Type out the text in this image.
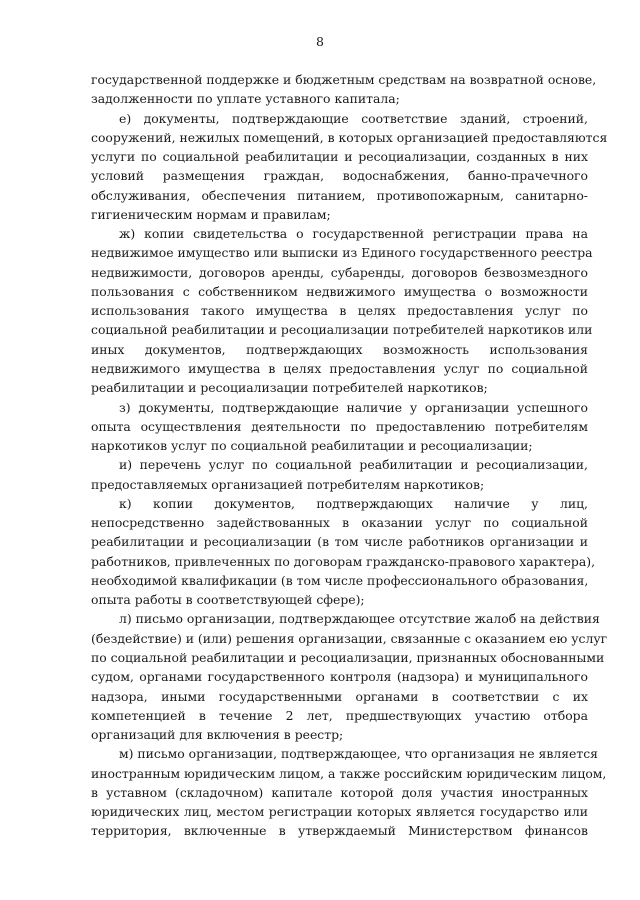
8
государственной поддержке и бюджетным средствам на возвратной основе,
задолженности по уплате уставного капитала;
е) документы, подтверждающие соответствие зданий, строений,
сооружений, нежилых помещений, в которых организацией предоставляются
услуги по социальной реабилитации и ресоциализации, созданных в них
условий размещения граждан, водоснабжения, банно-прачечного
обслуживания, обеспечения питанием, противопожарным, санитарно-
гигиеническим нормам и правилам;
ж) копии свидетельства о государственной регистрации права на
недвижимое имущество или выписки из Единого государственного реестра
недвижимости, договоров аренды, субаренды, договоров безвозмездного
пользования с собственником недвижимого имущества о возможности
использования такого имущества в целях предоставления услуг по
социальной реабилитации и ресоциализации потребителей наркотиков или
иных документов, подтверждающих возможность использования
недвижимого имущества в целях предоставления услуг по социальной
реабилитации и ресоциализации потребителей наркотиков;
з) документы, подтверждающие наличие у организации успешного
опыта осуществления деятельности по предоставлению потребителям
наркотиков услуг по социальной реабилитации и ресоциализации;
и) перечень услуг по социальной реабилитации и ресоциализации,
предоставляемых организацией потребителям наркотиков;
к) копии документов, подтверждающих наличие у лиц,
непосредственно задействованных в оказании услуг по социальной
реабилитации и ресоциализации (в том числе работников организации и
работников, привлеченных по договорам гражданско-правового характера),
необходимой квалификации (в том числе профессионального образования,
опыта работы в соответствующей сфере);
л) письмо организации, подтверждающее отсутствие жалоб на действия
(бездействие) и (или) решения организации, связанные с оказанием ею услуг
по социальной реабилитации и ресоциализации, признанных обоснованными
судом, органами государственного контроля (надзора) и муниципального
надзора, иными государственными органами в соответствии с их
компетенцией в течение 2 лет, предшествующих участию отбора
организаций для включения в реестр;
м) письмо организации, подтверждающее, что организация не является
иностранным юридическим лицом, а также российским юридическим лицом,
в уставном (складочном) капитале которой доля участия иностранных
юридических лиц, местом регистрации которых является государство или
территория, включенные в утверждаемый Министерством финансов
